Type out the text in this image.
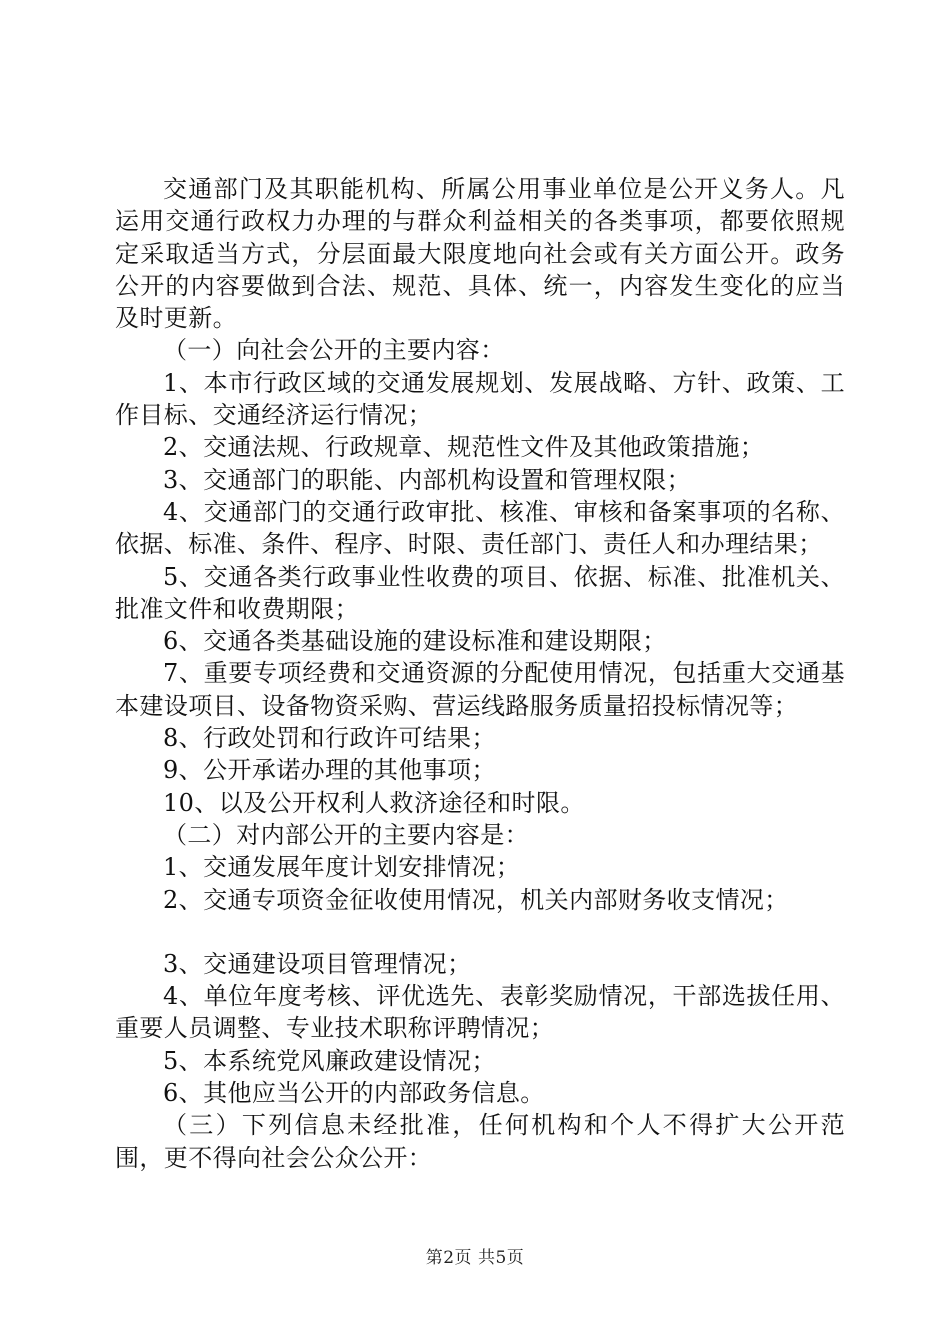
交通部门及其职能机构、所属公用事业单位是公开义务人。凡运用交通行政权力办理的与群众利益相关的各类事项，都要依照规定采取适当方式，分层面最大限度地向社会或有关方面公开。政务公开的内容要做到合法、规范、具体、统一，内容发生变化的应当及时更新。

（一）向社会公开的主要内容：

1、本市行政区域的交通发展规划、发展战略、方针、政策、工作目标、交通经济运行情况；

2、交通法规、行政规章、规范性文件及其他政策措施；

3、交通部门的职能、内部机构设置和管理权限；

4、交通部门的交通行政审批、核准、审核和备案事项的名称、依据、标准、条件、程序、时限、责任部门、责任人和办理结果；

5、交通各类行政事业性收费的项目、依据、标准、批准机关、批准文件和收费期限；

6、交通各类基础设施的建设标准和建设期限；

7、重要专项经费和交通资源的分配使用情况，包括重大交通基本建设项目、设备物资采购、营运线路服务质量招投标情况等；

8、行政处罚和行政许可结果；

9、公开承诺办理的其他事项；

10、以及公开权利人救济途径和时限。

（二）对内部公开的主要内容是：

1、交通发展年度计划安排情况；

2、交通专项资金征收使用情况，机关内部财务收支情况；

3、交通建设项目管理情况；

4、单位年度考核、评优选先、表彰奖励情况，干部选拔任用、重要人员调整、专业技术职称评聘情况；

5、本系统党风廉政建设情况；

6、其他应当公开的内部政务信息。

（三）下列信息未经批准，任何机构和个人不得扩大公开范围，更不得向社会公众公开：

第2页 共5页
